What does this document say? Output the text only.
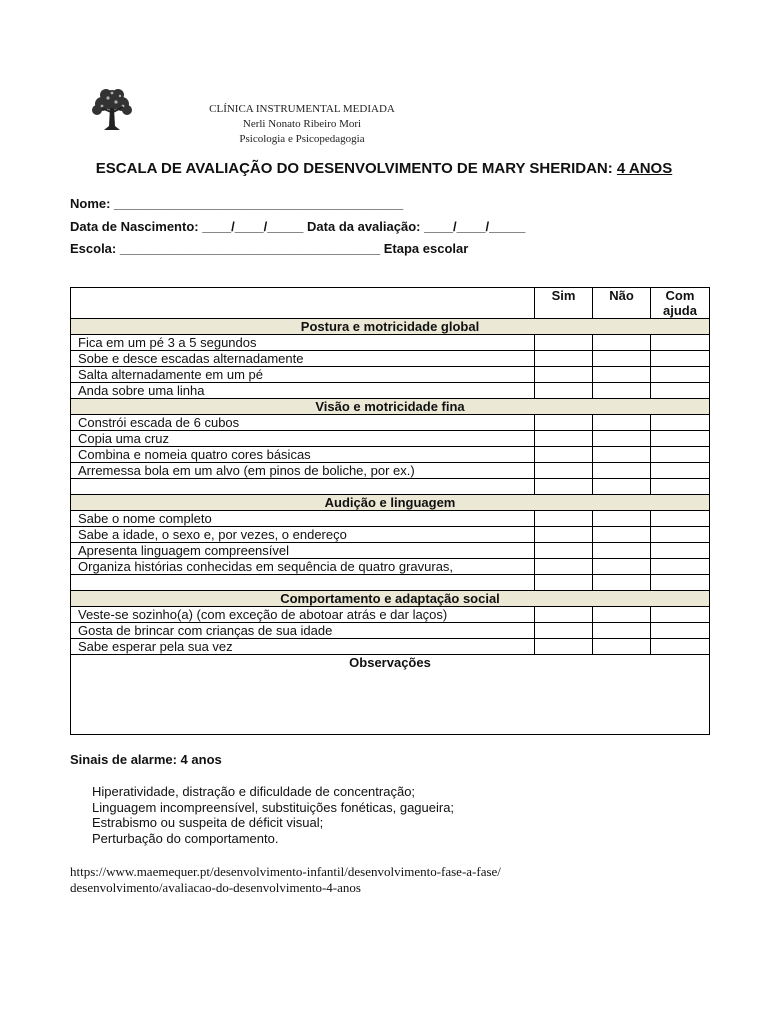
CLÍNICA INSTRUMENTAL MEDIADA
Nerli Nonato Ribeiro Mori
Psicologia e Psicopedagogia
ESCALA DE AVALIAÇÃO DO DESENVOLVIMENTO DE MARY SHERIDAN: 4 ANOS
Nome: ________________________________________
Data de Nascimento: ____/____/_____ Data da avaliação: ____/____/_____
Escola: ____________________________________ Etapa escolar
	Sim	Não	Com ajuda
Postura e motricidade global			
Fica em um pé 3 a 5 segundos			
Sobe e desce escadas alternadamente			
Salta alternadamente em um pé			
Anda sobre uma linha			
Visão e motricidade fina			
Constrói escada de 6 cubos			
Copia uma cruz			
Combina e nomeia quatro cores básicas			
Arremessa bola em um alvo (em pinos de boliche, por ex.)			

Audição e linguagem			
Sabe o nome completo			
Sabe a idade, o sexo e, por vezes, o endereço			
Apresenta linguagem compreensível			
Organiza histórias conhecidas em sequência de quatro gravuras,			

Comportamento e adaptação social			
Veste-se sozinho(a) (com exceção de abotoar atrás e dar laços)			
Gosta de brincar com crianças de sua idade			
Sabe esperar pela sua vez			
Observações			
Sinais de alarme: 4 anos
Hiperatividade, distração e dificuldade de concentração;
Linguagem incompreensível, substituições fonéticas, gagueira;
Estrabismo ou suspeita de déficit visual;
Perturbação do comportamento.
https://www.maemequer.pt/desenvolvimento-infantil/desenvolvimento-fase-a-fase/
desenvolvimento/avaliacao-do-desenvolvimento-4-anos
